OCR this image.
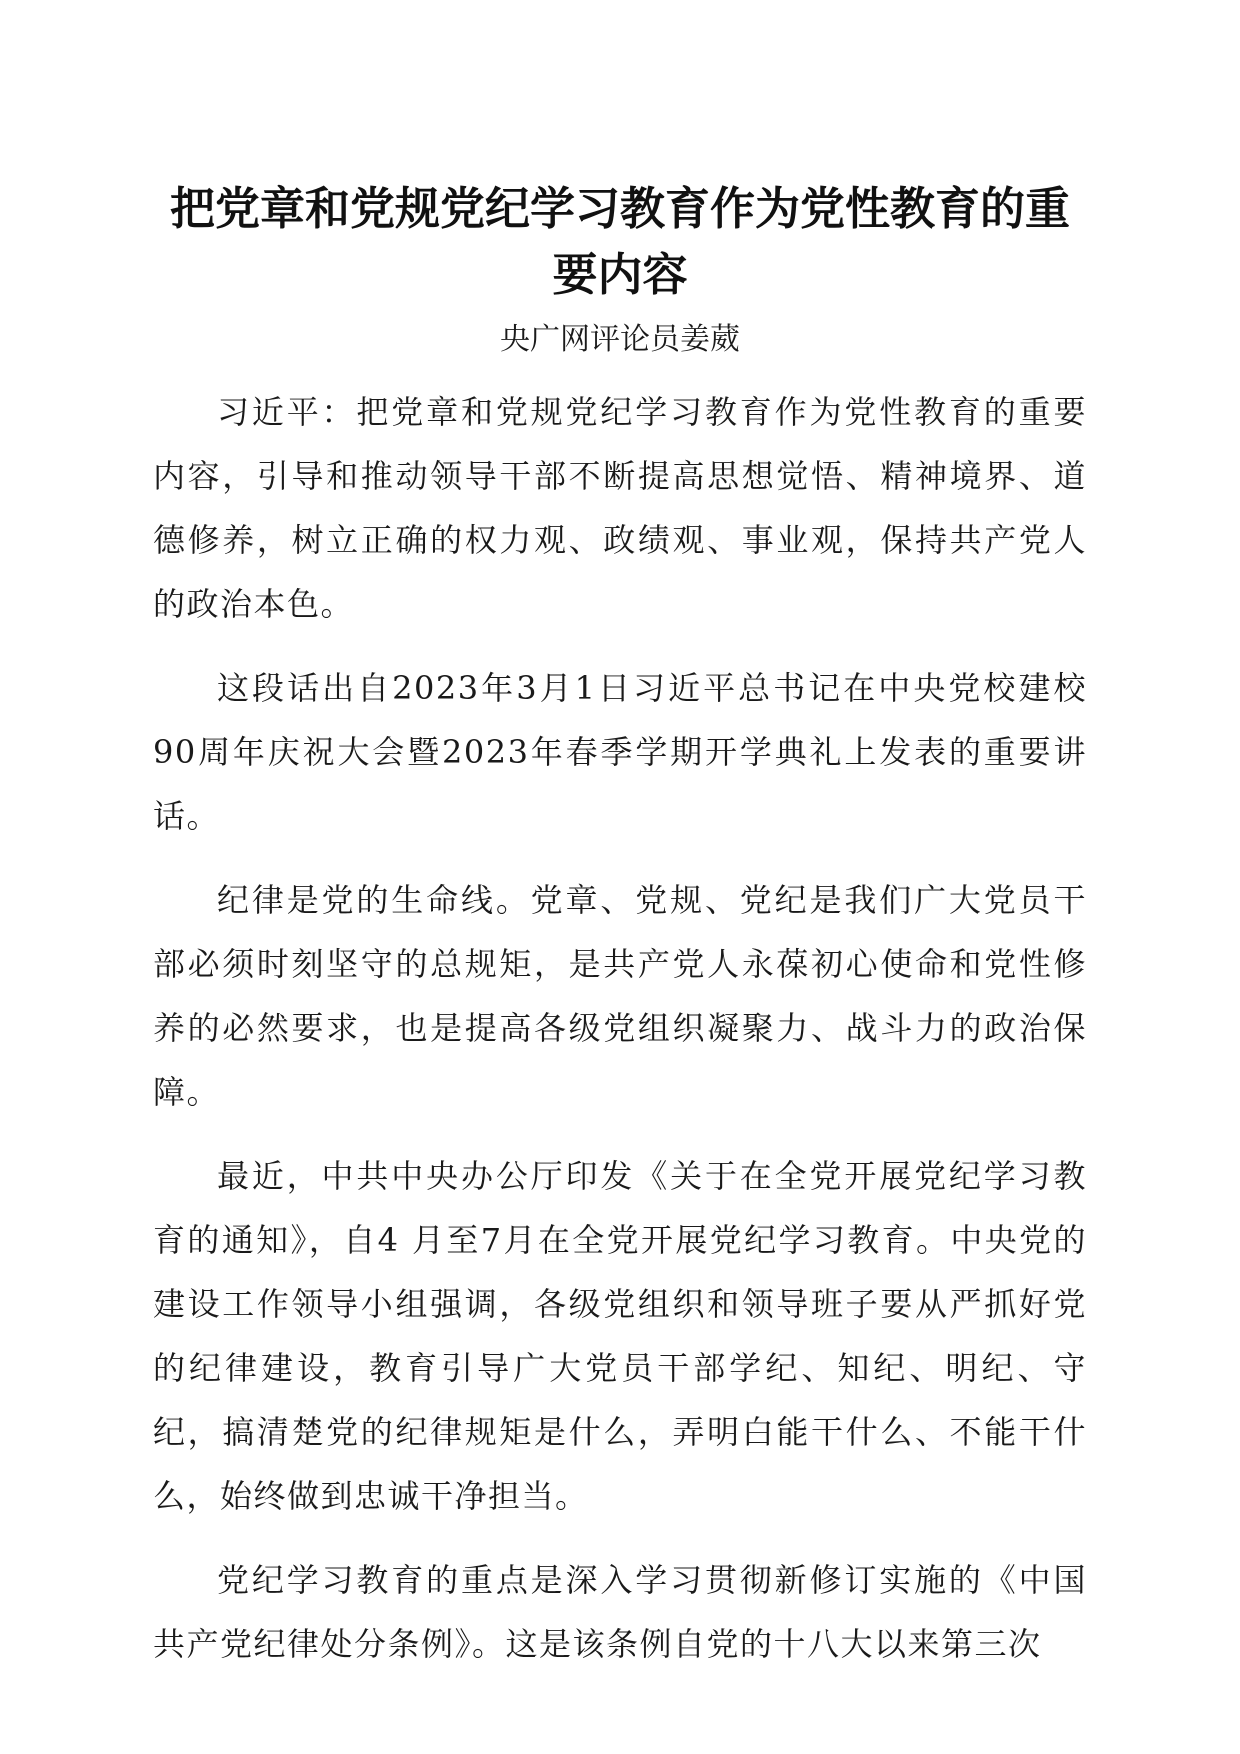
把党章和党规党纪学习教育作为党性教育的重要内容
央广网评论员姜葳

习近平：把党章和党规党纪学习教育作为党性教育的重要内容，引导和推动领导干部不断提高思想觉悟、精神境界、道德修养，树立正确的权力观、政绩观、事业观，保持共产党人的政治本色。

这段话出自2023年3月1日习近平总书记在中央党校建校90周年庆祝大会暨2023年春季学期开学典礼上发表的重要讲话。

纪律是党的生命线。党章、党规、党纪是我们广大党员干部必须时刻坚守的总规矩，是共产党人永葆初心使命和党性修养的必然要求，也是提高各级党组织凝聚力、战斗力的政治保障。

最近，中共中央办公厅印发《关于在全党开展党纪学习教育的通知》，自4 月至7月在全党开展党纪学习教育。中央党的建设工作领导小组强调，各级党组织和领导班子要从严抓好党的纪律建设，教育引导广大党员干部学纪、知纪、明纪、守纪，搞清楚党的纪律规矩是什么，弄明白能干什么、不能干什么，始终做到忠诚干净担当。

党纪学习教育的重点是深入学习贯彻新修订实施的《中国共产党纪律处分条例》。这是该条例自党的十八大以来第三次
